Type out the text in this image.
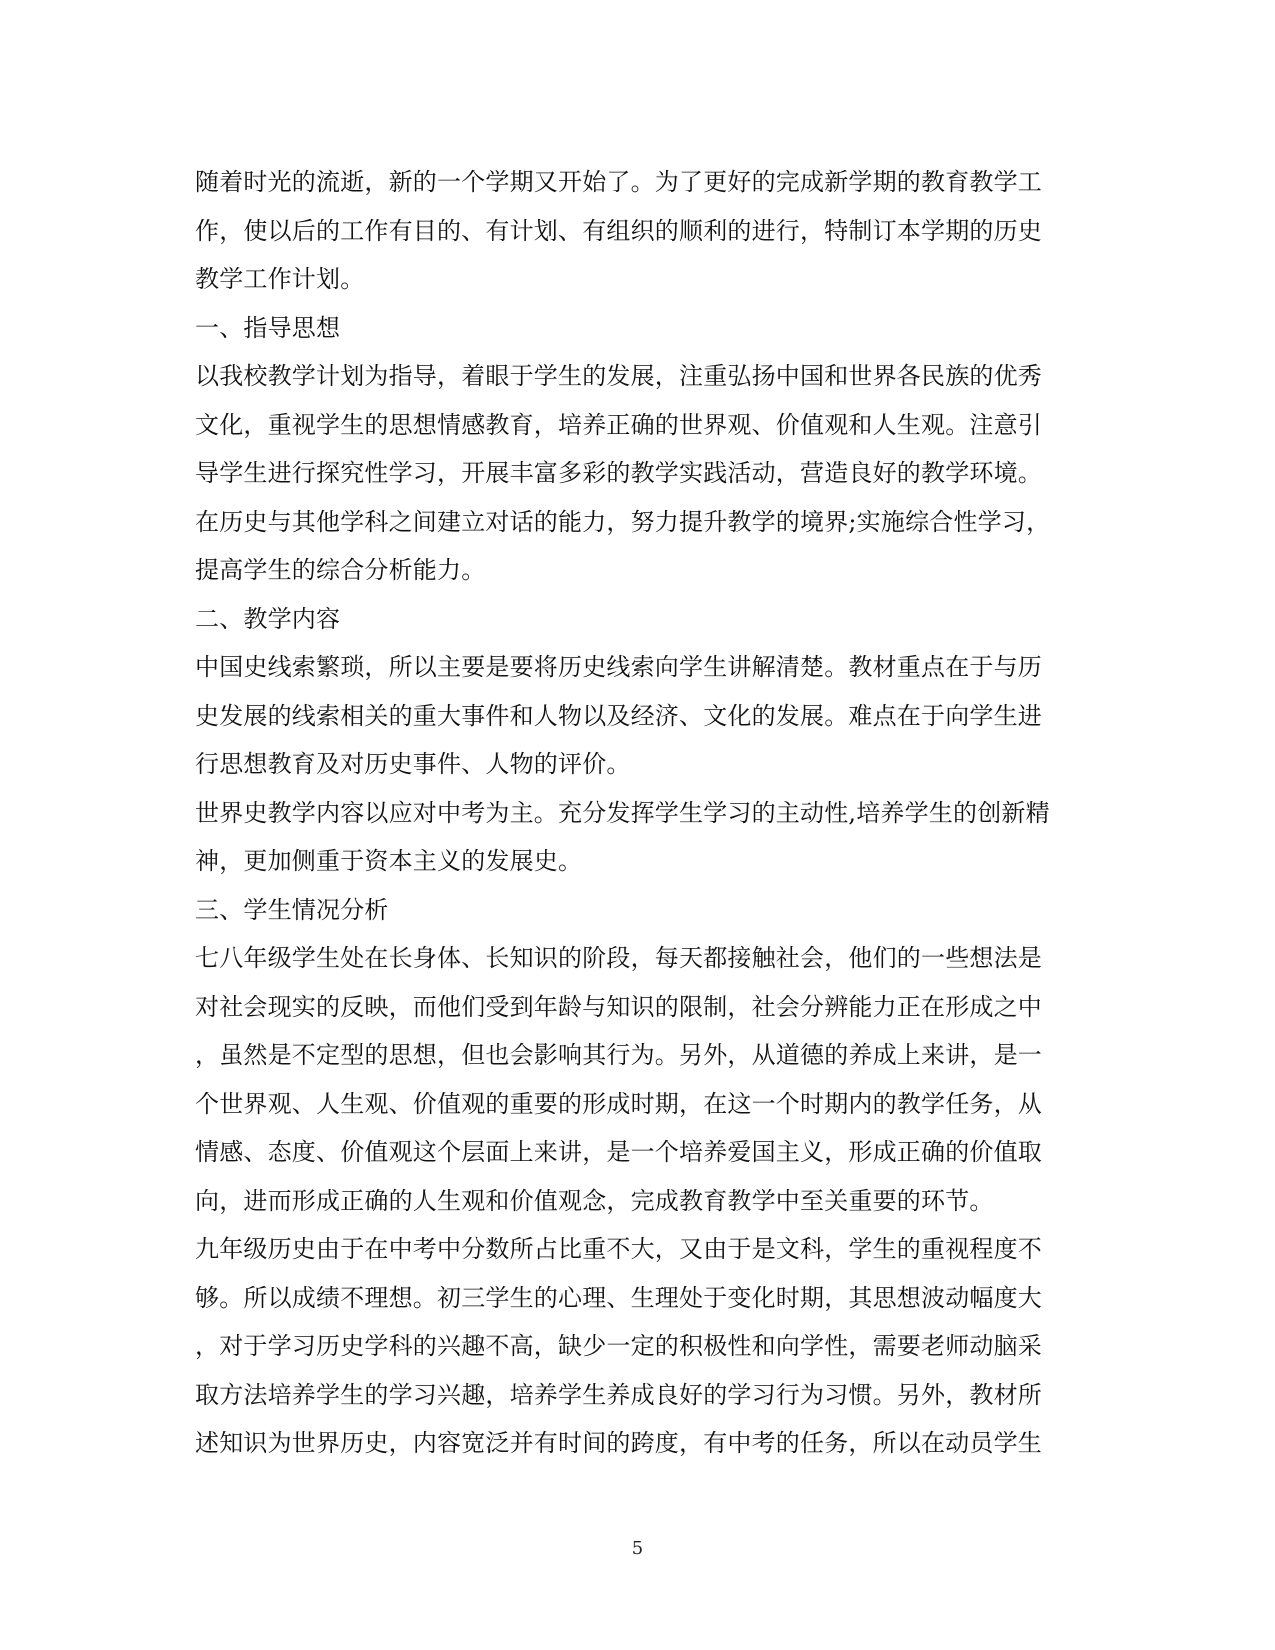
随着时光的流逝，新的一个学期又开始了。为了更好的完成新学期的教育教学工
作，使以后的工作有目的、有计划、有组织的顺利的进行，特制订本学期的历史
教学工作计划。
一、指导思想
以我校教学计划为指导，着眼于学生的发展，注重弘扬中国和世界各民族的优秀
文化，重视学生的思想情感教育，培养正确的世界观、价值观和人生观。注意引
导学生进行探究性学习，开展丰富多彩的教学实践活动，营造良好的教学环境。
在历史与其他学科之间建立对话的能力，努力提升教学的境界;实施综合性学习，
提高学生的综合分析能力。
二、教学内容
中国史线索繁琐，所以主要是要将历史线索向学生讲解清楚。教材重点在于与历
史发展的线索相关的重大事件和人物以及经济、文化的发展。难点在于向学生进
行思想教育及对历史事件、人物的评价。
世界史教学内容以应对中考为主。充分发挥学生学习的主动性,培养学生的创新精
神，更加侧重于资本主义的发展史。
三、学生情况分析
七八年级学生处在长身体、长知识的阶段，每天都接触社会，他们的一些想法是
对社会现实的反映，而他们受到年龄与知识的限制，社会分辨能力正在形成之中
，虽然是不定型的思想，但也会影响其行为。另外，从道德的养成上来讲，是一
个世界观、人生观、价值观的重要的形成时期，在这一个时期内的教学任务，从
情感、态度、价值观这个层面上来讲，是一个培养爱国主义，形成正确的价值取
向，进而形成正确的人生观和价值观念，完成教育教学中至关重要的环节。
九年级历史由于在中考中分数所占比重不大，又由于是文科，学生的重视程度不
够。所以成绩不理想。初三学生的心理、生理处于变化时期，其思想波动幅度大
，对于学习历史学科的兴趣不高，缺少一定的积极性和向学性，需要老师动脑采
取方法培养学生的学习兴趣，培养学生养成良好的学习行为习惯。另外，教材所
述知识为世界历史，内容宽泛并有时间的跨度，有中考的任务，所以在动员学生
5
